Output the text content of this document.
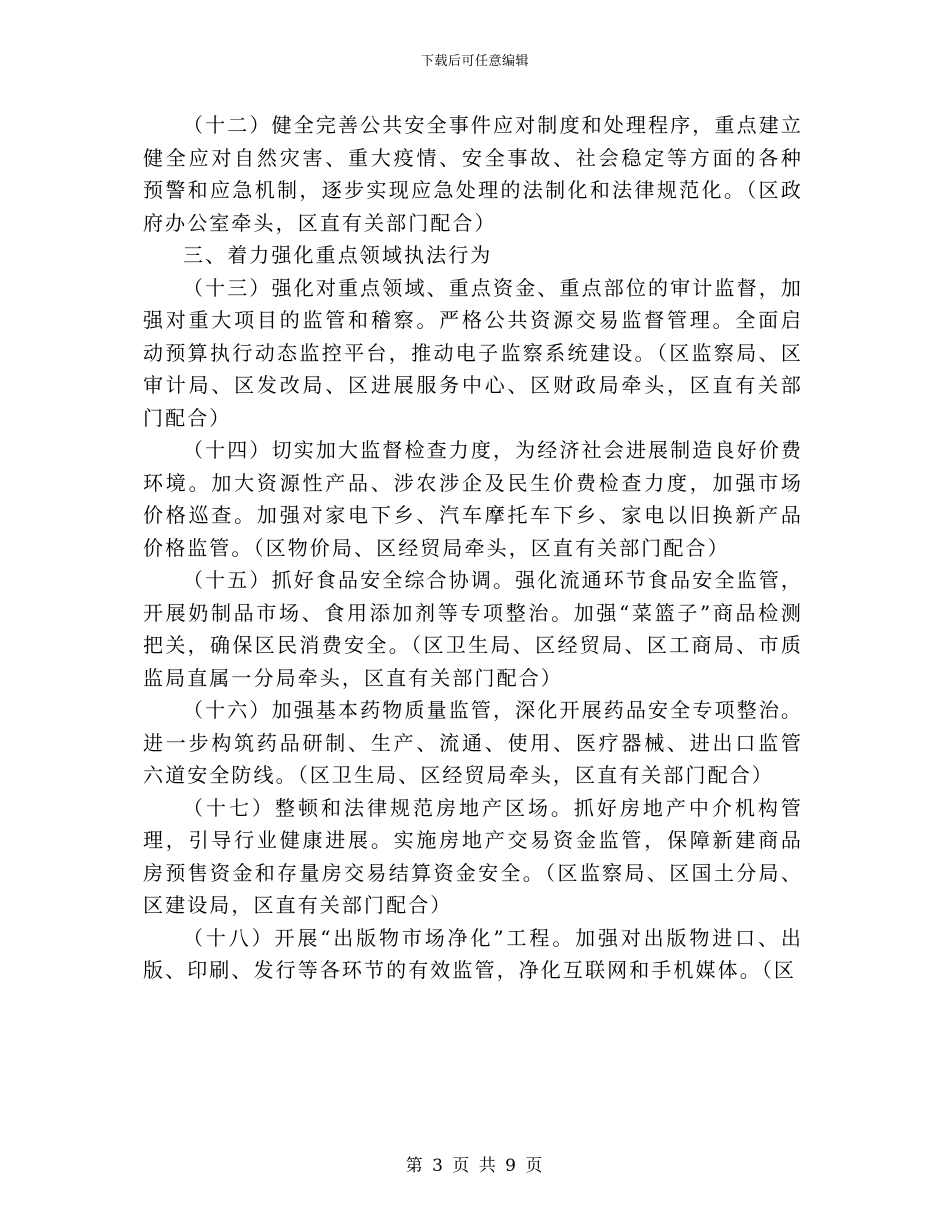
下载后可任意编辑

（十二）健全完善公共安全事件应对制度和处理程序，重点建立健全应对自然灾害、重大疫情、安全事故、社会稳定等方面的各种预警和应急机制，逐步实现应急处理的法制化和法律规范化。（区政府办公室牵头，区直有关部门配合）

三、着力强化重点领域执法行为

（十三）强化对重点领域、重点资金、重点部位的审计监督，加强对重大项目的监管和稽察。严格公共资源交易监督管理。全面启动预算执行动态监控平台，推动电子监察系统建设。（区监察局、区审计局、区发改局、区进展服务中心、区财政局牵头，区直有关部门配合）

（十四）切实加大监督检查力度，为经济社会进展制造良好价费环境。加大资源性产品、涉农涉企及民生价费检查力度，加强市场价格巡查。加强对家电下乡、汽车摩托车下乡、家电以旧换新产品价格监管。（区物价局、区经贸局牵头，区直有关部门配合）

（十五）抓好食品安全综合协调。强化流通环节食品安全监管，开展奶制品市场、食用添加剂等专项整治。加强“菜篮子”商品检测把关，确保区民消费安全。（区卫生局、区经贸局、区工商局、市质监局直属一分局牵头，区直有关部门配合）

（十六）加强基本药物质量监管，深化开展药品安全专项整治。进一步构筑药品研制、生产、流通、使用、医疗器械、进出口监管六道安全防线。（区卫生局、区经贸局牵头，区直有关部门配合）

（十七）整顿和法律规范房地产区场。抓好房地产中介机构管理，引导行业健康进展。实施房地产交易资金监管，保障新建商品房预售资金和存量房交易结算资金安全。（区监察局、区国土分局、区建设局，区直有关部门配合）

（十八）开展“出版物市场净化”工程。加强对出版物进口、出版、印刷、发行等各环节的有效监管，净化互联网和手机媒体。（区

第 3 页 共 9 页
